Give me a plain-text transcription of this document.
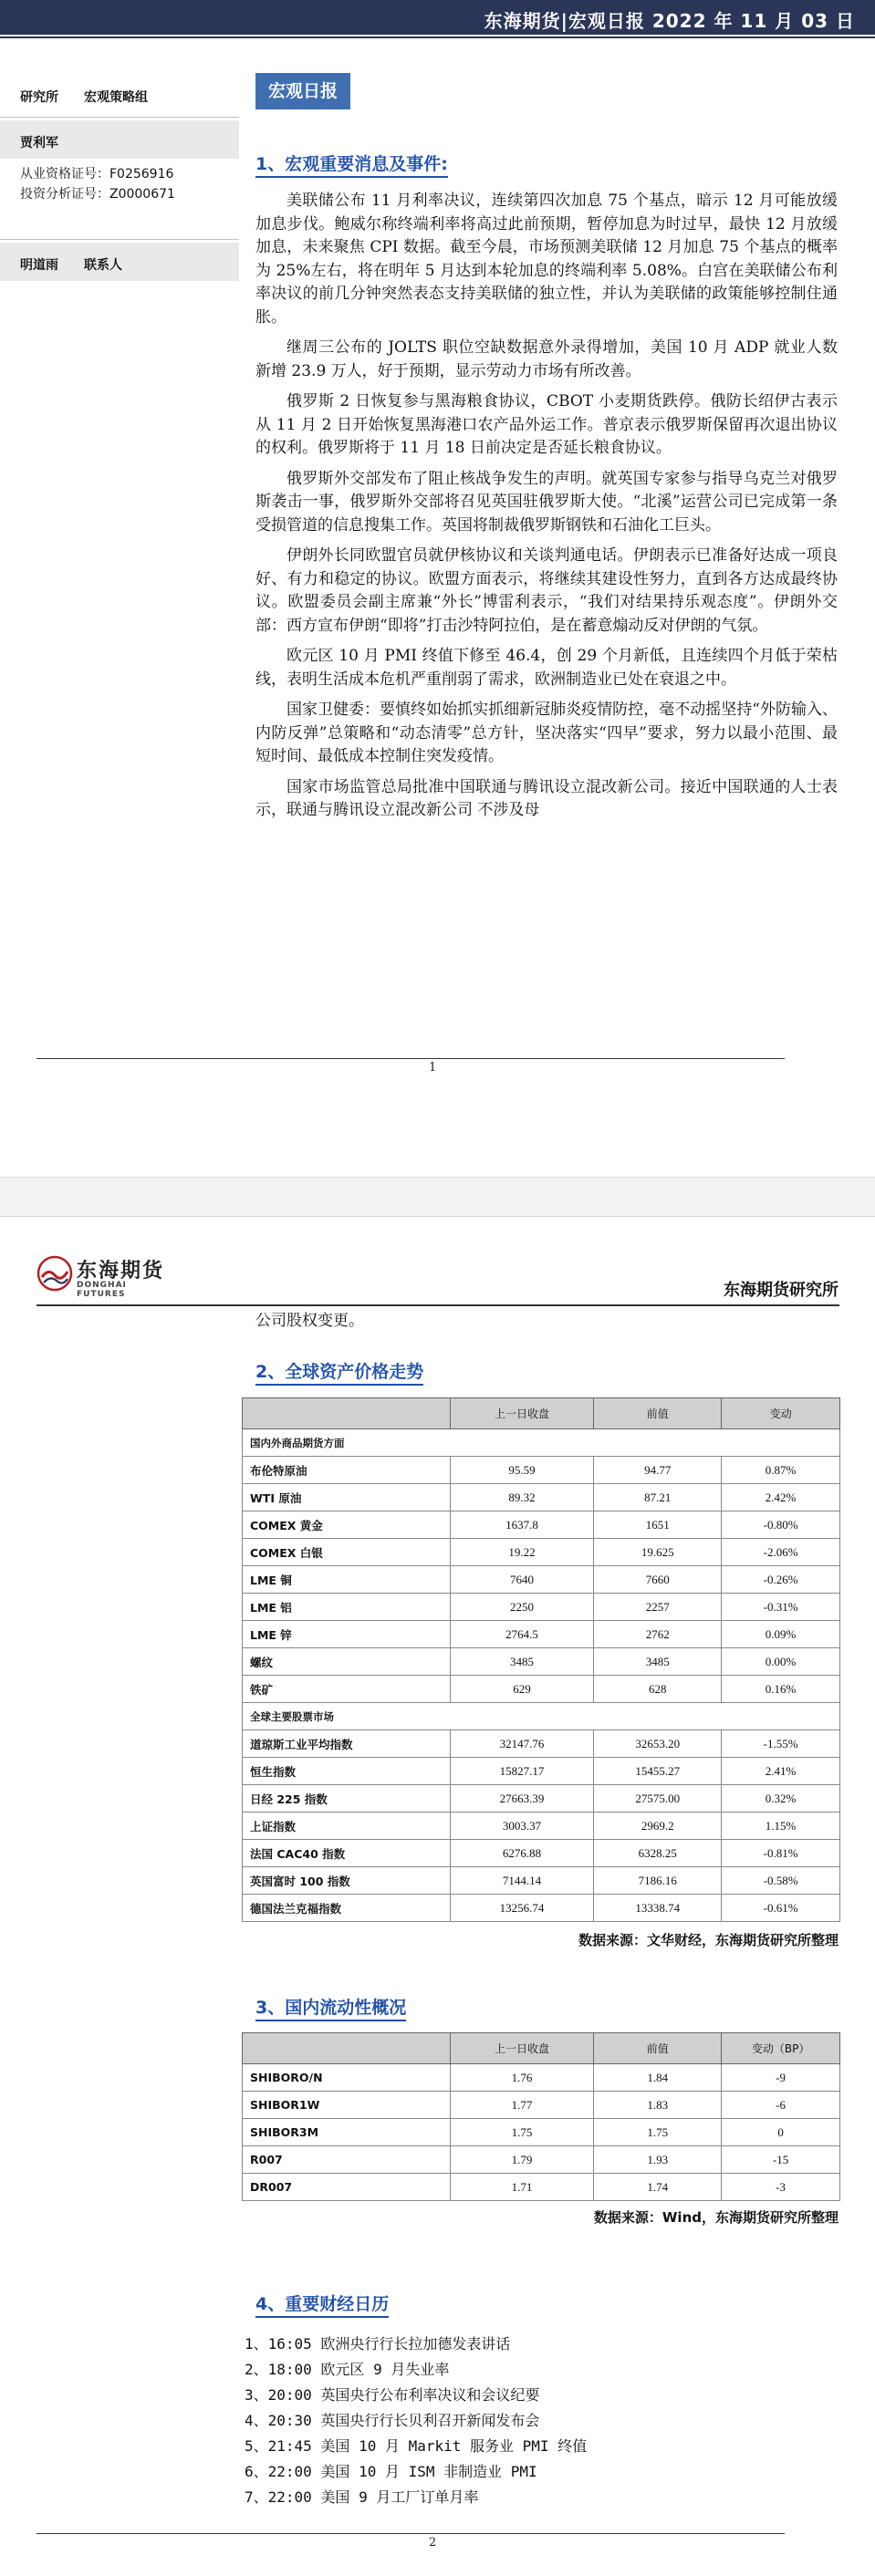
东海期货|宏观日报 2022 年 11 月 03 日
研究所 宏观策略组
贾利军
从业资格证号：F0256916
投资分析证号：Z0000671
明道雨 联系人
宏观日报
1、宏观重要消息及事件:

美联储公布 11 月利率决议，连续第四次加息 75 个基点，暗示 12 月可能放缓加息步伐。鲍威尔称终端利率将高过此前预期，暂停加息为时过早，最快 12 月放缓加息，未来聚焦 CPI 数据。截至今晨，市场预测美联储 12 月加息 75 个基点的概率为 25%左右，将在明年 5 月达到本轮加息的终端利率 5.08%。白宫在美联储公布利率决议的前几分钟突然表态支持美联储的独立性，并认为美联储的政策能够控制住通胀。

继周三公布的 JOLTS 职位空缺数据意外录得增加，美国 10 月 ADP 就业人数新增 23.9 万人，好于预期，显示劳动力市场有所改善。

俄罗斯 2 日恢复参与黑海粮食协议，CBOT 小麦期货跌停。俄防长绍伊古表示从 11 月 2 日开始恢复黑海港口农产品外运工作。普京表示俄罗斯保留再次退出协议的权利。俄罗斯将于 11 月 18 日前决定是否延长粮食协议。

俄罗斯外交部发布了阻止核战争发生的声明。就英国专家参与指导乌克兰对俄罗斯袭击一事，俄罗斯外交部将召见英国驻俄罗斯大使。“北溪”运营公司已完成第一条受损管道的信息搜集工作。英国将制裁俄罗斯钢铁和石油化工巨头。

伊朗外长同欧盟官员就伊核协议和关谈判通电话。伊朗表示已准备好达成一项良好、有力和稳定的协议。欧盟方面表示，将继续其建设性努力，直到各方达成最终协议。欧盟委员会副主席兼“外长”博雷利表示，“我们对结果持乐观态度”。伊朗外交部：西方宣布伊朗“即将”打击沙特阿拉伯，是在蓄意煽动反对伊朗的气氛。

欧元区 10 月 PMI 终值下修至 46.4，创 29 个月新低，且连续四个月低于荣枯线，表明生活成本危机严重削弱了需求，欧洲制造业已处在衰退之中。

国家卫健委：要慎终如始抓实抓细新冠肺炎疫情防控，毫不动摇坚持“外防输入、内防反弹”总策略和“动态清零”总方针，坚决落实“四早”要求，努力以最小范围、最短时间、最低成本控制住突发疫情。

国家市场监管总局批准中国联通与腾讯设立混改新公司。接近中国联通的人士表示，联通与腾讯设立混改新公司 不涉及母

1
东海期货
DONGHAI FUTURES	东海期货研究所

公司股权变更。

2、全球资产价格走势
	上一日收盘	前值	变动
国内外商品期货方面			
布伦特原油	95.59	94.77	0.87%
WTI 原油	89.32	87.21	2.42%
COMEX 黄金	1637.8	1651	-0.80%
COMEX 白银	19.22	19.625	-2.06%
LME 铜	7640	7660	-0.26%
LME 铝	2250	2257	-0.31%
LME 锌	2764.5	2762	0.09%
螺纹	3485	3485	0.00%
铁矿	629	628	0.16%
全球主要股票市场			
道琼斯工业平均指数	32147.76	32653.20	-1.55%
恒生指数	15827.17	15455.27	2.41%
日经 225 指数	27663.39	27575.00	0.32%
上证指数	3003.37	2969.2	1.15%
法国 CAC40 指数	6276.88	6328.25	-0.81%
英国富时 100 指数	7144.14	7186.16	-0.58%
德国法兰克福指数	13256.74	13338.74	-0.61%
数据来源：文华财经，东海期货研究所整理
3、国内流动性概况
	上一日收盘	前值	变动（BP）
SHIBORO/N	1.76	1.84	-9
SHIBOR1W	1.77	1.83	-6
SHIBOR3M	1.75	1.75	0
R007	1.79	1.93	-15
DR007	1.71	1.74	-3
数据来源：Wind，东海期货研究所整理
4、重要财经日历
1、16:05 欧洲央行行长拉加德发表讲话
2、18:00 欧元区 9 月失业率
3、20:00 英国央行公布利率决议和会议纪要
4、20:30 英国央行行长贝利召开新闻发布会
5、21:45 美国 10 月 Markit 服务业 PMI 终值
6、22:00 美国 10 月 ISM 非制造业 PMI
7、22:00 美国 9 月工厂订单月率
2
